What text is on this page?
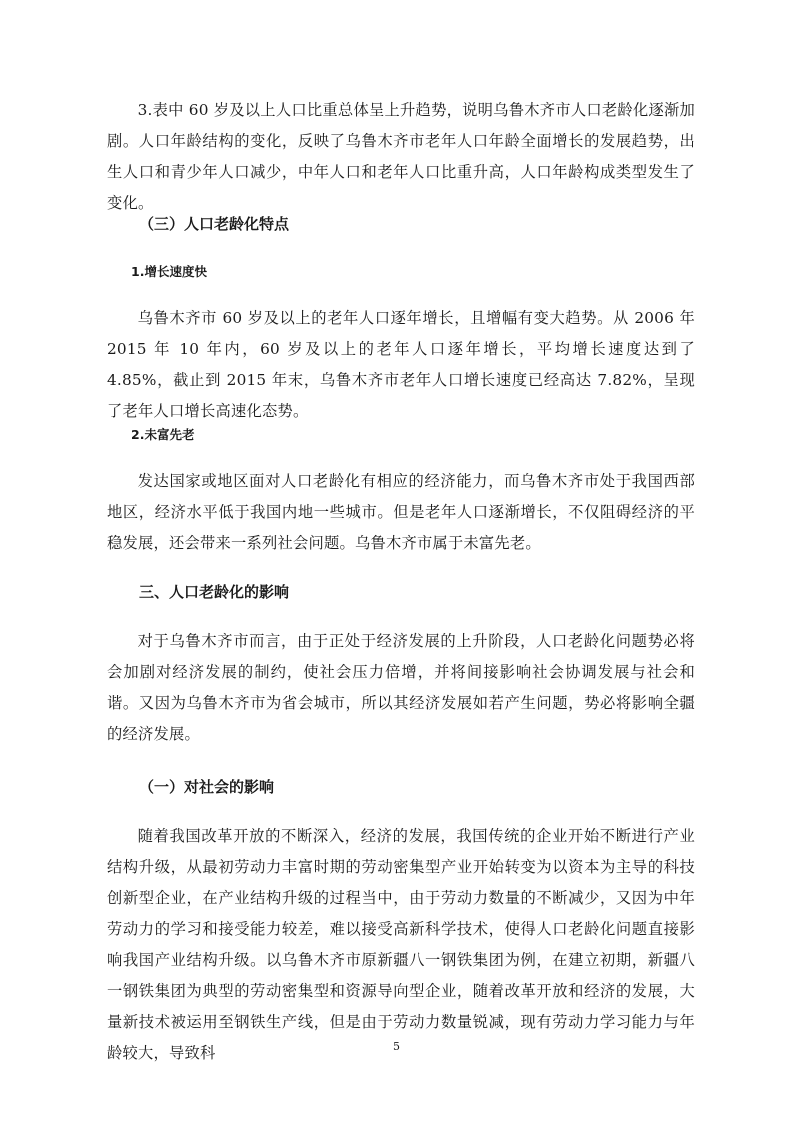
3.表中 60 岁及以上人口比重总体呈上升趋势，说明乌鲁木齐市人口老龄化逐渐加剧。人口年龄结构的变化，反映了乌鲁木齐市老年人口年龄全面增长的发展趋势，出生人口和青少年人口减少，中年人口和老年人口比重升高，人口年龄构成类型发生了变化。

（三）人口老龄化特点
1.增长速度快

乌鲁木齐市 60 岁及以上的老年人口逐年增长，且增幅有变大趋势。从 2006 年 2015 年 10 年内，60 岁及以上的老年人口逐年增长，平均增长速度达到了 4.85%，截止到 2015 年末，乌鲁木齐市老年人口增长速度已经高达 7.82%，呈现了老年人口增长高速化态势。

2.未富先老

发达国家或地区面对人口老龄化有相应的经济能力，而乌鲁木齐市处于我国西部地区，经济水平低于我国内地一些城市。但是老年人口逐渐增长，不仅阻碍经济的平稳发展，还会带来一系列社会问题。乌鲁木齐市属于未富先老。

三、人口老龄化的影响

对于乌鲁木齐市而言，由于正处于经济发展的上升阶段，人口老龄化问题势必将会加剧对经济发展的制约，使社会压力倍增，并将间接影响社会协调发展与社会和谐。又因为乌鲁木齐市为省会城市，所以其经济发展如若产生问题，势必将影响全疆的经济发展。

（一）对社会的影响

随着我国改革开放的不断深入，经济的发展，我国传统的企业开始不断进行产业结构升级，从最初劳动力丰富时期的劳动密集型产业开始转变为以资本为主导的科技创新型企业，在产业结构升级的过程当中，由于劳动力数量的不断减少，又因为中年劳动力的学习和接受能力较差，难以接受高新科学技术，使得人口老龄化问题直接影响我国产业结构升级。以乌鲁木齐市原新疆八一钢铁集团为例，在建立初期，新疆八一钢铁集团为典型的劳动密集型和资源导向型企业，随着改革开放和经济的发展，大量新技术被运用至钢铁生产线，但是由于劳动力数量锐减，现有劳动力学习能力与年龄较大，导致科	5
